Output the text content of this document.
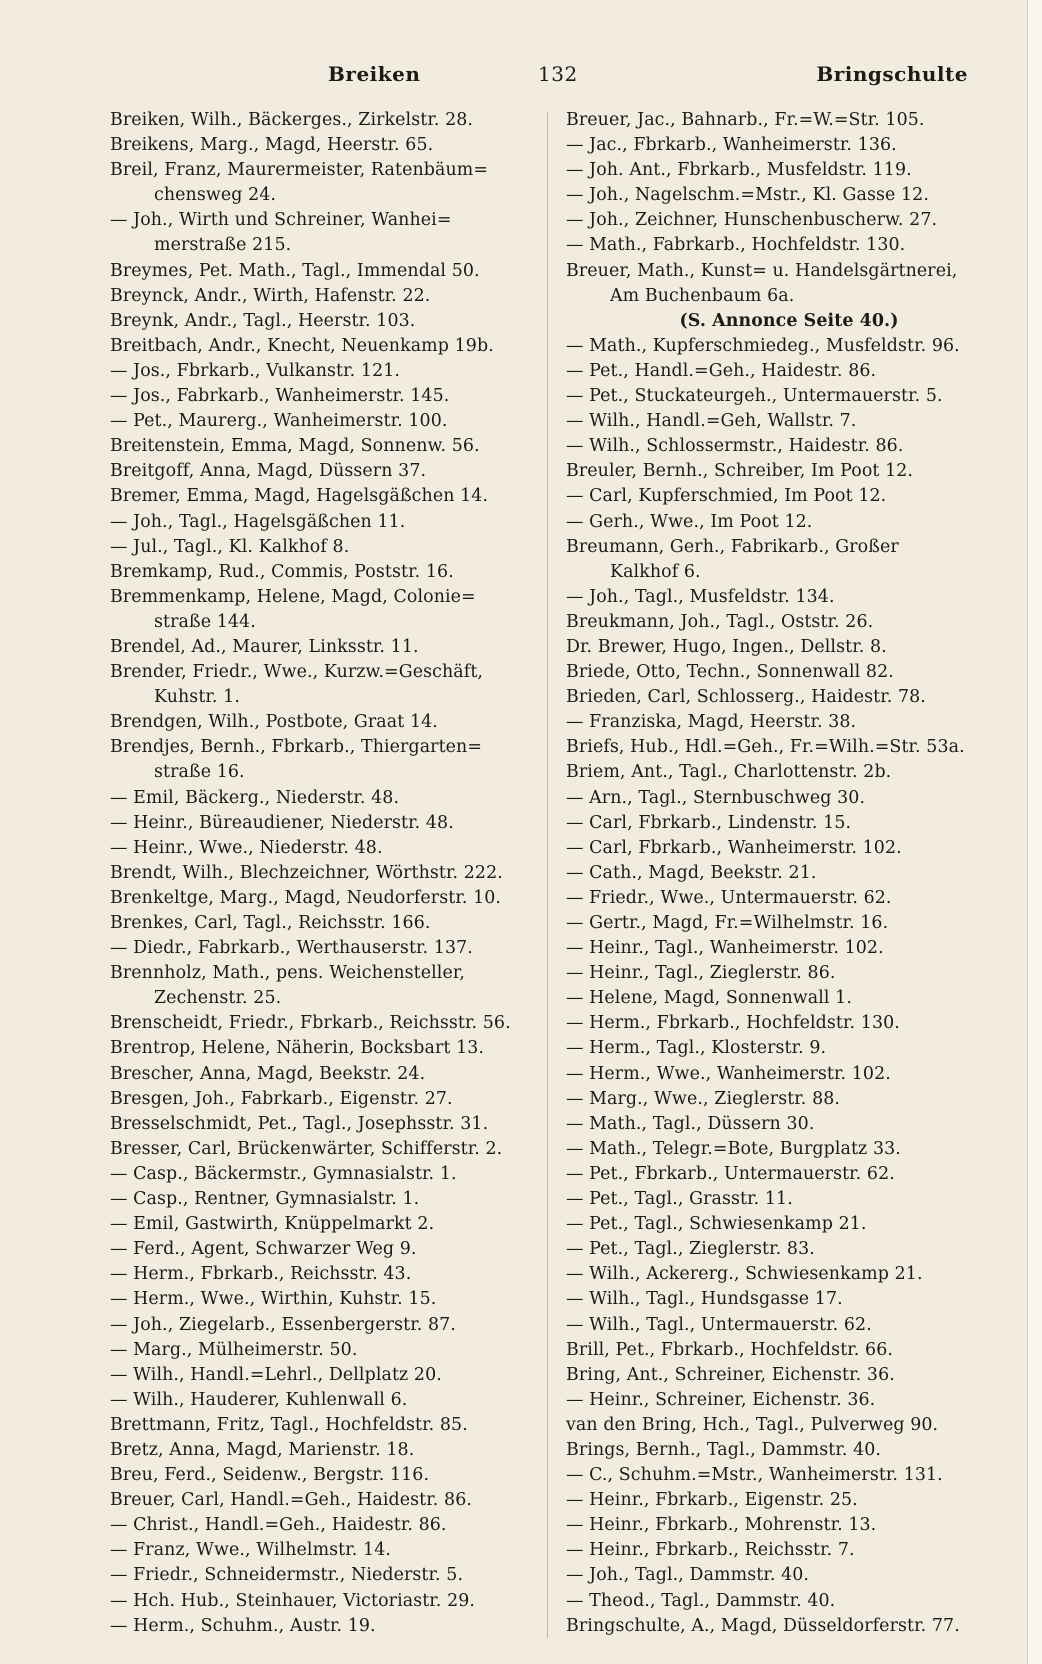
Breiken	132	Bringschulte
Breiken, Wilh., Bäckerges., Zirkelstr. 28.
Breikens, Marg., Magd, Heerstr. 65.
Breil, Franz, Maurermeister, Ratenbäum=
chensweg 24.
— Joh., Wirth und Schreiner, Wanhei=
merstraße 215.
Breymes, Pet. Math., Tagl., Immendal 50.
Breynck, Andr., Wirth, Hafenstr. 22.
Breynk, Andr., Tagl., Heerstr. 103.
Breitbach, Andr., Knecht, Neuenkamp 19b.
— Jos., Fbrkarb., Vulkanstr. 121.
— Jos., Fabrkarb., Wanheimerstr. 145.
— Pet., Maurerg., Wanheimerstr. 100.
Breitenstein, Emma, Magd, Sonnenw. 56.
Breitgoff, Anna, Magd, Düssern 37.
Bremer, Emma, Magd, Hagelsgäßchen 14.
— Joh., Tagl., Hagelsgäßchen 11.
— Jul., Tagl., Kl. Kalkhof 8.
Bremkamp, Rud., Commis, Poststr. 16.
Bremmenkamp, Helene, Magd, Colonie=
straße 144.
Brendel, Ad., Maurer, Linksstr. 11.
Brender, Friedr., Wwe., Kurzw.=Geschäft,
Kuhstr. 1.
Brendgen, Wilh., Postbote, Graat 14.
Brendjes, Bernh., Fbrkarb., Thiergarten=
straße 16.
— Emil, Bäckerg., Niederstr. 48.
— Heinr., Büreaudiener, Niederstr. 48.
— Heinr., Wwe., Niederstr. 48.
Brendt, Wilh., Blechzeichner, Wörthstr. 222.
Brenkeltge, Marg., Magd, Neudorferstr. 10.
Brenkes, Carl, Tagl., Reichsstr. 166.
— Diedr., Fabrkarb., Werthauserstr. 137.
Brennholz, Math., pens. Weichensteller,
Zechenstr. 25.
Brenscheidt, Friedr., Fbrkarb., Reichsstr. 56.
Brentrop, Helene, Näherin, Bocksbart 13.
Brescher, Anna, Magd, Beekstr. 24.
Bresgen, Joh., Fabrkarb., Eigenstr. 27.
Bresselschmidt, Pet., Tagl., Josephsstr. 31.
Bresser, Carl, Brückenwärter, Schifferstr. 2.
— Casp., Bäckermstr., Gymnasialstr. 1.
— Casp., Rentner, Gymnasialstr. 1.
— Emil, Gastwirth, Knüppelmarkt 2.
— Ferd., Agent, Schwarzer Weg 9.
— Herm., Fbrkarb., Reichsstr. 43.
— Herm., Wwe., Wirthin, Kuhstr. 15.
— Joh., Ziegelarb., Essenbergerstr. 87.
— Marg., Mülheimerstr. 50.
— Wilh., Handl.=Lehrl., Dellplatz 20.
— Wilh., Hauderer, Kuhlenwall 6.
Brettmann, Fritz, Tagl., Hochfeldstr. 85.
Bretz, Anna, Magd, Marienstr. 18.
Breu, Ferd., Seidenw., Bergstr. 116.
Breuer, Carl, Handl.=Geh., Haidestr. 86.
— Christ., Handl.=Geh., Haidestr. 86.
— Franz, Wwe., Wilhelmstr. 14.
— Friedr., Schneidermstr., Niederstr. 5.
— Hch. Hub., Steinhauer, Victoriastr. 29.
— Herm., Schuhm., Austr. 19.
Breuer, Jac., Bahnarb., Fr.=W.=Str. 105.
— Jac., Fbrkarb., Wanheimerstr. 136.
— Joh. Ant., Fbrkarb., Musfeldstr. 119.
— Joh., Nagelschm.=Mstr., Kl. Gasse 12.
— Joh., Zeichner, Hunschenbuscherw. 27.
— Math., Fabrkarb., Hochfeldstr. 130.
Breuer, Math., Kunst= u. Handelsgärtnerei,
Am Buchenbaum 6a.
(S. Annonce Seite 40.)
— Math., Kupferschmiedeg., Musfeldstr. 96.
— Pet., Handl.=Geh., Haidestr. 86.
— Pet., Stuckateurgeh., Untermauerstr. 5.
— Wilh., Handl.=Geh, Wallstr. 7.
— Wilh., Schlossermstr., Haidestr. 86.
Breuler, Bernh., Schreiber, Im Poot 12.
— Carl, Kupferschmied, Im Poot 12.
— Gerh., Wwe., Im Poot 12.
Breumann, Gerh., Fabrikarb., Großer
Kalkhof 6.
— Joh., Tagl., Musfeldstr. 134.
Breukmann, Joh., Tagl., Oststr. 26.
Dr. Brewer, Hugo, Ingen., Dellstr. 8.
Briede, Otto, Techn., Sonnenwall 82.
Brieden, Carl, Schlosserg., Haidestr. 78.
— Franziska, Magd, Heerstr. 38.
Briefs, Hub., Hdl.=Geh., Fr.=Wilh.=Str. 53a.
Briem, Ant., Tagl., Charlottenstr. 2b.
— Arn., Tagl., Sternbuschweg 30.
— Carl, Fbrkarb., Lindenstr. 15.
— Carl, Fbrkarb., Wanheimerstr. 102.
— Cath., Magd, Beekstr. 21.
— Friedr., Wwe., Untermauerstr. 62.
— Gertr., Magd, Fr.=Wilhelmstr. 16.
— Heinr., Tagl., Wanheimerstr. 102.
— Heinr., Tagl., Zieglerstr. 86.
— Helene, Magd, Sonnenwall 1.
— Herm., Fbrkarb., Hochfeldstr. 130.
— Herm., Tagl., Klosterstr. 9.
— Herm., Wwe., Wanheimerstr. 102.
— Marg., Wwe., Zieglerstr. 88.
— Math., Tagl., Düssern 30.
— Math., Telegr.=Bote, Burgplatz 33.
— Pet., Fbrkarb., Untermauerstr. 62.
— Pet., Tagl., Grasstr. 11.
— Pet., Tagl., Schwiesenkamp 21.
— Pet., Tagl., Zieglerstr. 83.
— Wilh., Ackererg., Schwiesenkamp 21.
— Wilh., Tagl., Hundsgasse 17.
— Wilh., Tagl., Untermauerstr. 62.
Brill, Pet., Fbrkarb., Hochfeldstr. 66.
Bring, Ant., Schreiner, Eichenstr. 36.
— Heinr., Schreiner, Eichenstr. 36.
van den Bring, Hch., Tagl., Pulverweg 90.
Brings, Bernh., Tagl., Dammstr. 40.
— C., Schuhm.=Mstr., Wanheimerstr. 131.
— Heinr., Fbrkarb., Eigenstr. 25.
— Heinr., Fbrkarb., Mohrenstr. 13.
— Heinr., Fbrkarb., Reichsstr. 7.
— Joh., Tagl., Dammstr. 40.
— Theod., Tagl., Dammstr. 40.
Bringschulte, A., Magd, Düsseldorferstr. 77.
